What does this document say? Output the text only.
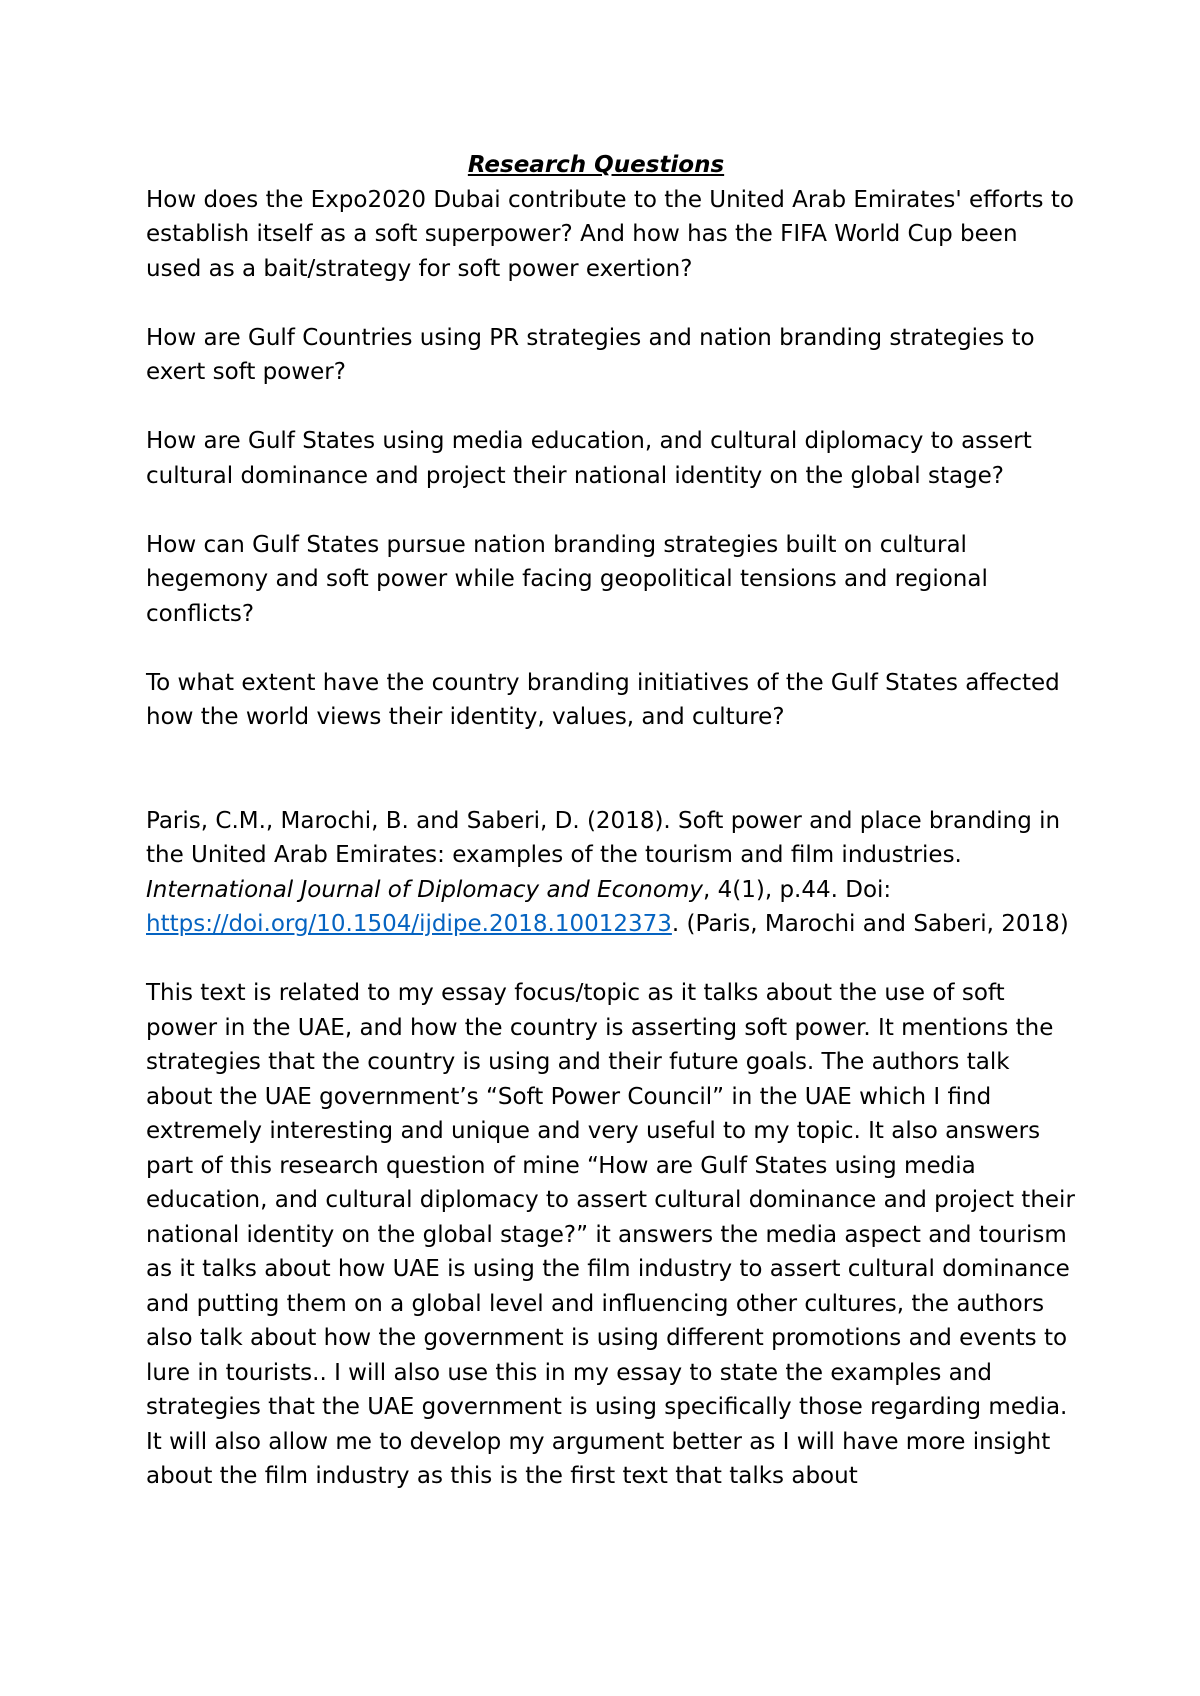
Research Questions

How does the Expo2020 Dubai contribute to the United Arab Emirates' efforts to establish itself as a soft superpower? And how has the FIFA World Cup been used as a bait/strategy for soft power exertion?

How are Gulf Countries using PR strategies and nation branding strategies to exert soft power?

How are Gulf States using media education, and cultural diplomacy to assert cultural dominance and project their national identity on the global stage?

How can Gulf States pursue nation branding strategies built on cultural hegemony and soft power while facing geopolitical tensions and regional conflicts?

To what extent have the country branding initiatives of the Gulf States affected how the world views their identity, values, and culture?

Paris, C.M., Marochi, B. and Saberi, D. (2018). Soft power and place branding in the United Arab Emirates: examples of the tourism and film industries. International Journal of Diplomacy and Economy, 4(1), p.44. Doi: https://doi.org/10.1504/ijdipe.2018.10012373. (Paris, Marochi and Saberi, 2018)

This text is related to my essay focus/topic as it talks about the use of soft power in the UAE, and how the country is asserting soft power. It mentions the strategies that the country is using and their future goals. The authors talk about the UAE government’s “Soft Power Council” in the UAE which I find extremely interesting and unique and very useful to my topic. It also answers part of this research question of mine “How are Gulf States using media education, and cultural diplomacy to assert cultural dominance and project their national identity on the global stage?” it answers the media aspect and tourism as it talks about how UAE is using the film industry to assert cultural dominance and putting them on a global level and influencing other cultures, the authors also talk about how the government is using different promotions and events to lure in tourists.. I will also use this in my essay to state the examples and strategies that the UAE government is using specifically those regarding media. It will also allow me to develop my argument better as I will have more insight about the film industry as this is the first text that talks about
